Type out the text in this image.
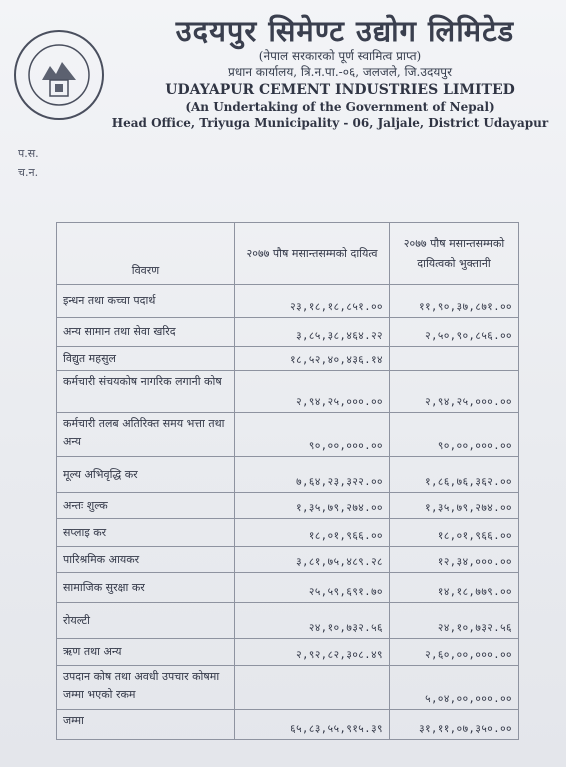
उदयपुर सिमेण्ट उद्योग लिमिटेड
(नेपाल सरकारको पूर्ण स्वामित्व प्राप्त)
प्रधान कार्यालय, त्रि.न.पा.-०६, जलजले, जि.उदयपुर
UDAYAPUR CEMENT INDUSTRIES LIMITED
(An Undertaking of the Government of Nepal)
Head Office, Triyuga Municipality - 06, Jaljale, District Udayapur
प.स.
च.न.
विवरण	२०७७ पौष मसान्तसम्मको दायित्व	२०७७ पौष मसान्तसम्मको दायित्वको भुक्तानी
इन्धन तथा कच्चा पदार्थ	२३,१८,१८,८५१.००	११,९०,३७,८७१.००
अन्य सामान तथा सेवा खरिद	३,८५,३८,४६४.२२	२,५०,९०,८५६.००
विद्युत महसुल	१८,५२,४०,४३६.१४	
कर्मचारी संचयकोष नागरिक लगानी कोष	२,९४,२५,०००.००	२,९४,२५,०००.००
कर्मचारी तलब अतिरिक्त समय भत्ता तथा अन्य	९०,००,०००.००	९०,००,०००.००
मूल्य अभिवृद्धि कर	७,६४,२३,३२२.००	१,८६,७६,३६२.००
अन्तः शुल्क	१,३५,७९,२७४.००	१,३५,७९,२७४.००
सप्लाइ कर	१८,०१,९६६.००	१८,०१,९६६.००
पारिश्रमिक आयकर	३,८१,७५,४८९.२८	१२,३४,०००.००
सामाजिक सुरक्षा कर	२५,५९,६९१.७०	१४,१८,७७९.००
रोयल्टी	२४,१०,७३२.५६	२४,१०,७३२.५६
ऋण तथा अन्य	२,९२,८२,३०८.४९	२,६०,००,०००.००
उपदान कोष तथा अवधी उपचार कोषमा जम्मा भएको रकम		५,०४,००,०००.००
जम्मा	६५,८३,५५,९१५.३९	३१,११,०७,३५०.००
